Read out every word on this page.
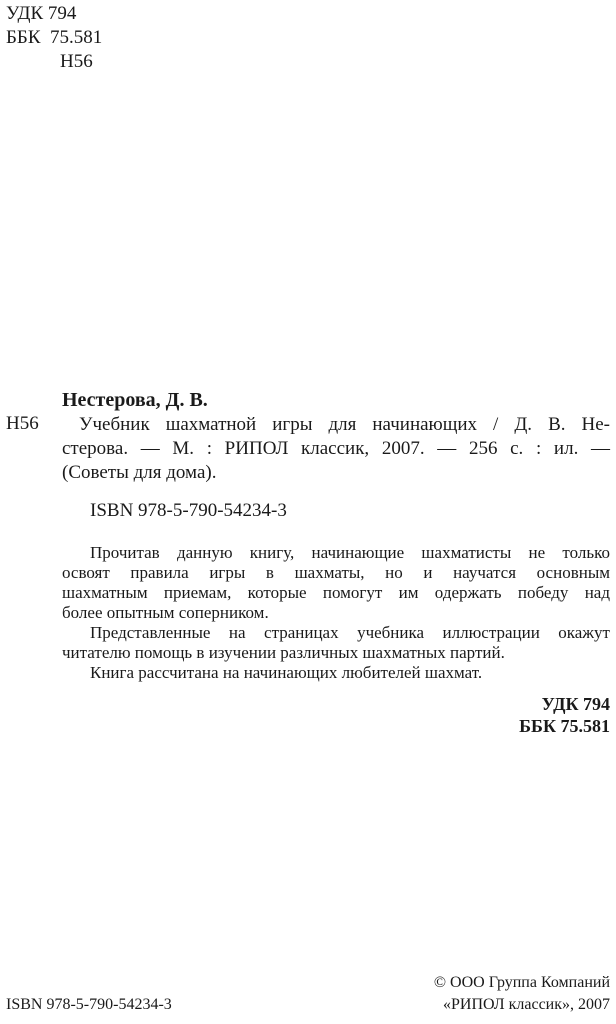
УДК 794
ББК  75.581
Н56
Нестерова, Д. В.
Н56 Учебник шахматной игры для начинающих / Д. В. Не-
стерова. — М. : РИПОЛ классик, 2007. — 256 с. : ил. —
(Советы для дома).
ISBN 978-5-790-54234-3
Прочитав данную книгу, начинающие шахматисты не только
освоят правила игры в шахматы, но и научатся основным
шахматным приемам, которые помогут им одержать победу над
более опытным соперником.
Представленные на страницах учебника иллюстрации окажут
читателю помощь в изучении различных шахматных партий.
Книга рассчитана на начинающих любителей шахмат.
УДК 794
ББК 75.581
ISBN 978-5-790-54234-3
© ООО Группа Компаний
«РИПОЛ классик», 2007
